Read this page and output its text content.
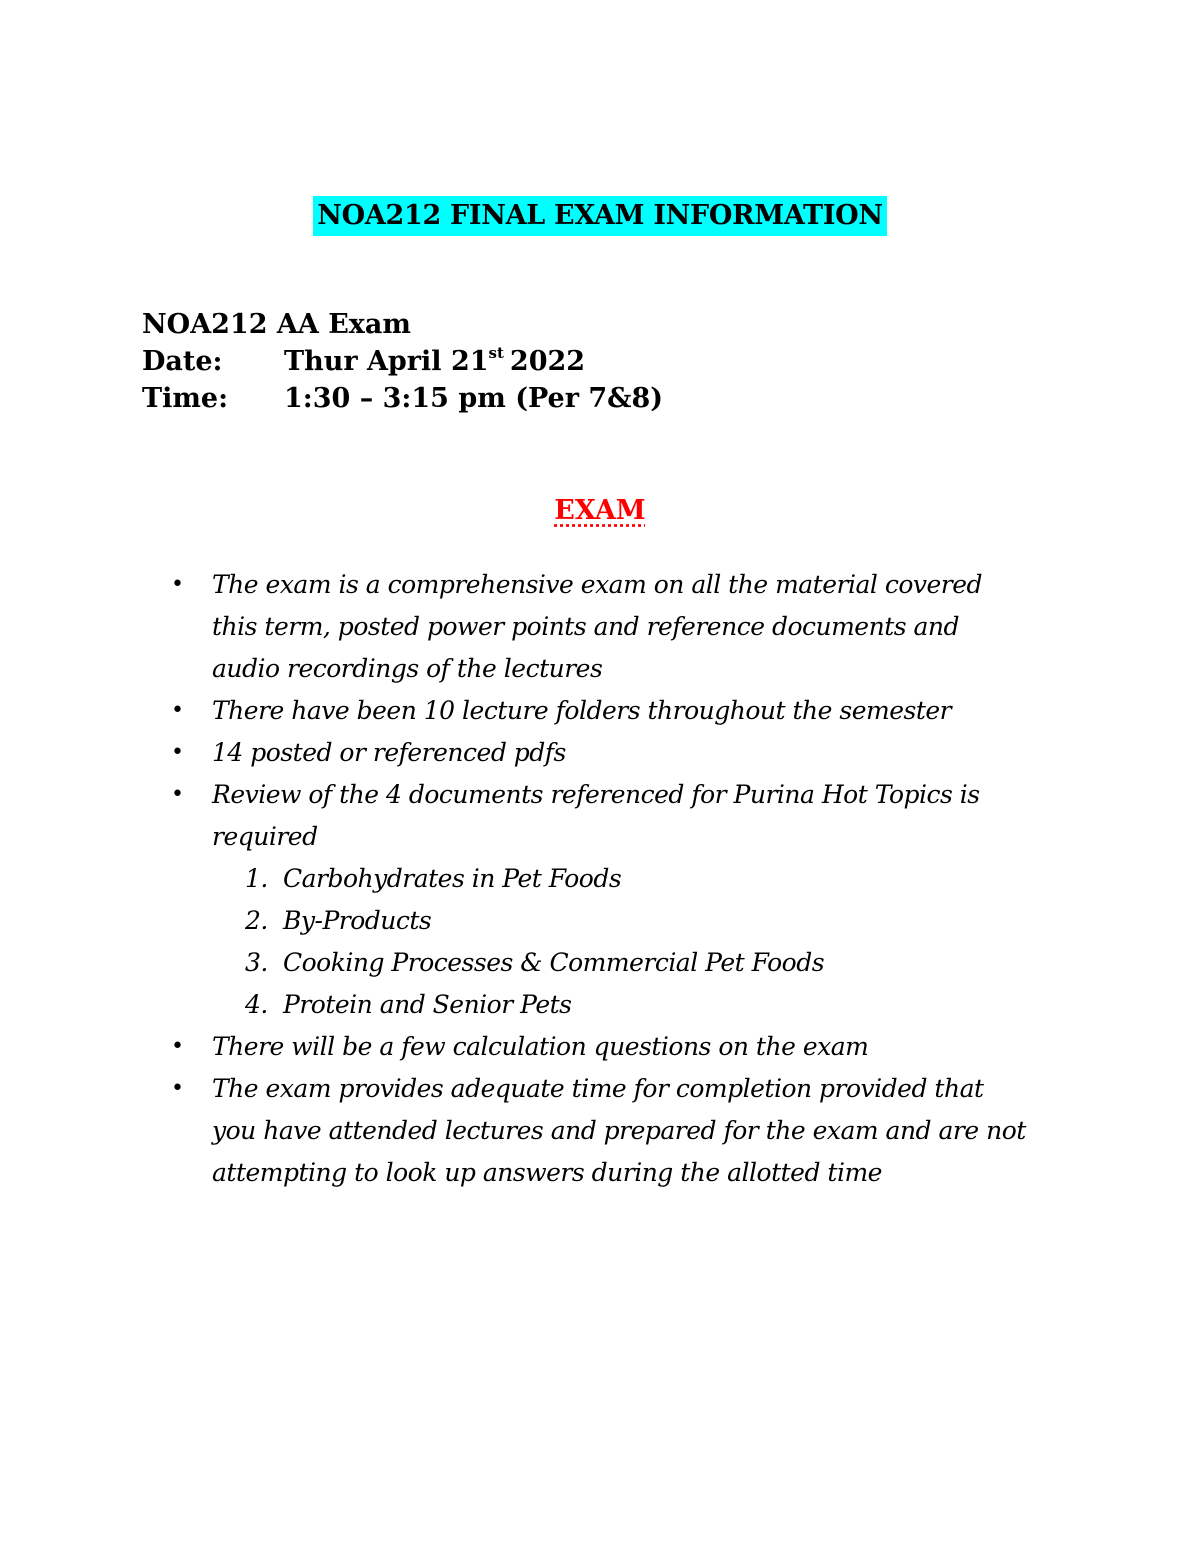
NOA212 FINAL EXAM INFORMATION
NOA212 AA Exam
Date:	Thur April 21st 2022
Time:	1:30 – 3:15 pm (Per 7&8)
EXAM
• The exam is a comprehensive exam on all the material covered this term, posted power points and reference documents and audio recordings of the lectures
• There have been 10 lecture folders throughout the semester
• 14 posted or referenced pdfs
• Review of the 4 documents referenced for Purina Hot Topics is required
1. Carbohydrates in Pet Foods
2. By-Products
3. Cooking Processes & Commercial Pet Foods
4. Protein and Senior Pets
• There will be a few calculation questions on the exam
• The exam provides adequate time for completion provided that you have attended lectures and prepared for the exam and are not attempting to look up answers during the allotted time
